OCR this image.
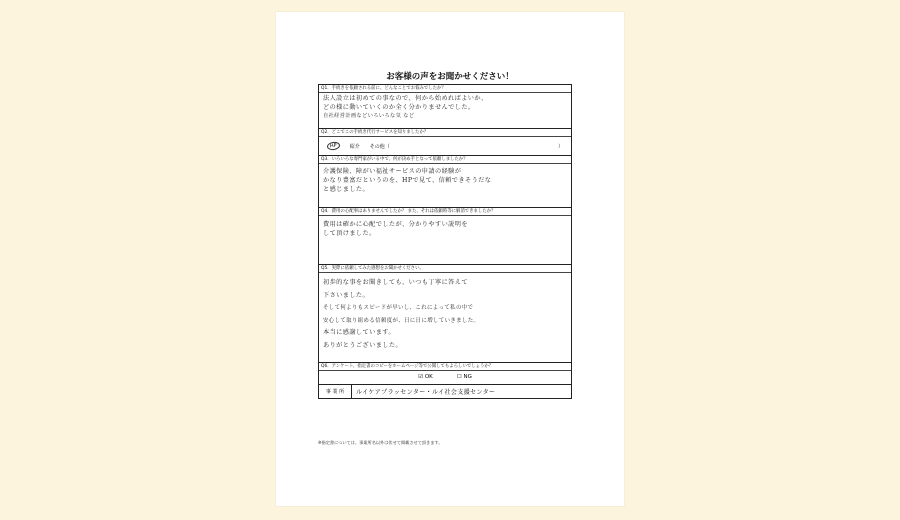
お客様の声をお聞かせください！
Q1．手続きを依頼される前に、どんなことでお悩みでしたか？
法人設立は初めての事なので、何から始めればよいか、
どの様に動いていくのか全く分かりませんでした。
自社経営計画などいろいろな気 など
Q2．どこでこの手続き代行サービスを知りましたか？
HP	紹介 その他（	）
Q3．いろいろな専門家がいる中で、何が決め手となって依頼しましたか？
介護保険、障がい福祉サービスの申請の経験が
かなり豊富だというのを、HPで見て、信頼できそうだな
と感じました。
Q4．費用の心配事はありませんでしたか？ また、それは依頼時等に解消できましたか？
費用は確かに心配でしたが、分かりやすい説明を
して頂けました。
Q5．実際に依頼してみた感想をお聞かせください。
初歩的な事をお聞きしても、いつも丁寧に答えて
下さいました。
そして何よりもスピードが早いし、これによって私の中で
安心して取り組める信頼度が、日に日に増していきました。
本当に感謝しています。
ありがとうございました。
Q6．アンケート、指定書のコピーをホームページ等で公開してもよろしいでしょうか？
☑ OK	☐ NG
事 業 所	ルイケアプラッセンター・ルイ社会支援センター
※指定書については、事業所名以外は伏せて掲載させて頂きます。
